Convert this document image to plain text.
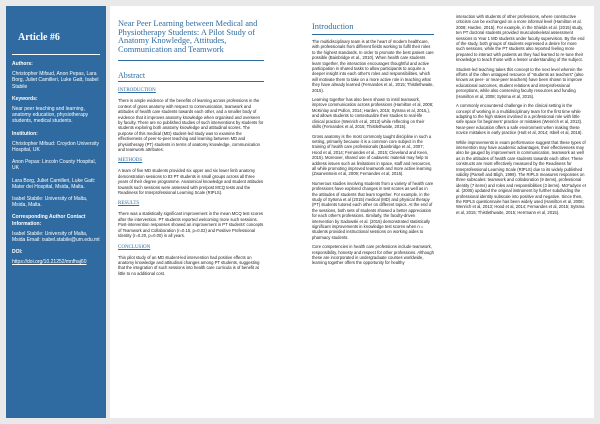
Article #6
Authors:
Christopher Mifsud, Anon Pepas, Lara Borg, Juliet Camilleri, Luke Gatt, Isabel Stabile
Keywords:
Near peer teaching and learning, anatomy education, physiotherapy students, medical students.
Institution:
Christopher Mifsud: Croydon University Hospital, UK
Anon Pepas: Lincoln County Hospital, UK
Lara Borg, Juliet Camilleri, Luke Gatt: Mater dei Hospital, Msida, Malta.
Isabel Stabile: University of Malta, Msida, Malta.
Corresponding Author Contact Information:
Isabel Stabile: University of Malta, Msida Email: isabel.stabile@um.edu.mt
DOI:
https://doi.org/10.21252/mnfhaj60
Near Peer Learning between Medical and Physiotherapy Students: A Pilot Study of Anatomy Knowledge, Attitudes, Communication and Teamwork
Abstract
INTRODUCTION
There is ample evidence of the benefits of learning across professions in the context of gross anatomy with respect to communication, teamwork and attitudes of health care students towards each other, and a smaller body of evidence that it improves anatomy knowledge when organised and overseen by faculty. There are no published studies of such interventions by students for students exploring both anatomy knowledge and attitudinal scores. The purpose of this medical (MD) student-led study was to examine the effectiveness of peer-to-peer teaching and learning between MD and physiotherapy (PT) students in terms of anatomy knowledge, communication and teamwork attributes.
METHODS
A team of five MD students provided six upper and six lower limb anatomy demonstration sessions to 83 PT students in small groups across all three years of their degree programme. Anatomical knowledge and student attitudes towards such sessions were assessed with pre/post MCQ tests and the Readiness for Interprofessional Learning Scale (RIPLS).
RESULTS
There was a statistically significant improvement in the mean MCQ test scores after the intervention. PT students reported welcoming more such sessions. Post-intervention responses showed an improvement in PT students' concepts of Teamwork and Collaboration (r=0.15, p=0.02) and Positive Professional Identity (r=0.20, p=0.00) in all years.
CONCLUSION
This pilot study of an MD student-led intervention had positive effects on anatomy knowledge and attitudinal changes among PT students, suggesting that the integration of such sessions into health care curricula is of benefit at little to no additional cost.
Introduction
The multidisciplinary team is at the heart of modern healthcare, with professionals from different fields working to fulfil their roles to the highest standards. In order to promote the best patient care possible (Bainbridge et al., 2010). When health care students learn together, the interaction encourages thoughtful and active participation in shared tasks to allow participants to acquire a deeper insight into each other's roles and responsibilities, which will motivate them to take on a more active role in teaching what they have already learned (Fernandes et al., 2015; Thistlethwaite, 2015).
Learning together has also been shown to instil teamwork, improve communication across professions (Hamilton et al, 2008; McKinlay and Pullon, 2014; Harden, 2015; Sytsma et al, 2015,), and allows students to contextualize their studies to real-life clinical practice (Wenrich et al, 2013) while reflecting on their skills (Fernandes et al, 2015; Thistlethwaite, 2015).
Gross anatomy is the most commonly taught discipline in such a setting, primarily because it is a common core subject in the training of health care professionals (Bainbridge et al., 2007; Hood et al, 2014; Fernandes et al., 2015; Cleveland and Keen, 2015). Moreover, shared use of cadaveric material may help to address issues such as limitations in space, staff and resources, all while promoting improved teamwork and more active learning (Zwanenstein et al, 2009; Fernandes et al, 2015).
Numerous studies involving students from a variety of health care professions have explored changes in test scores as well as in the attitudes of students that learn together. For example, in the study of Sytsma et al (2015) medical (MD) and physical therapy (PT) students tutored each other on different topics. At the end of the sessions, both sets of students showed a better appreciation for each other's professions. Similarly, the faculty-driven intervention by Sadowski et al. (2015) demonstrated statistically significant improvements in knowledge test scores when n = students provided instructional sessions on working aides to pharmacy students.
Core competencies in health care professions include teamwork, responsibility, honesty and respect for other professions. Although these are incorporated in undergraduate courses worldwide, learning together offers the opportunity for healthy
interaction with students of other professions, where constructive criticism can be exchanged on a more informal level (Hamilton et al. 2008; Harden, 2015). For example, in the Shields et al. (2015) study, ten PT doctoral students provided musculoskeletal assessment sessions to Year 1 MD students under faculty supervision. By the end of the study, both groups of students expressed a desire for more such sessions, while the PT students also reported feeling more prepared to interact with patients as they had learned to re-tune their knowledge to teach those with a lesser understanding of the subject.
Student-led teaching takes this concept to the next level wherein the efforts of the often untapped resource of "students as teachers" (also known as peer- or near-peer teachers) have been shown to improve educational outcomes, student relations and interprofessional perceptions, while also conserving faculty resources and funding (Hamilton et al, 2008; Sytsma et al, 2015).
A commonly encountered challenge in the clinical setting is the concept of working in a multidisciplinary team for the first time while adapting to the high stakes involved in a professional role with little safe space for beginners' practice or mistakes (Wenrich et al, 2013). Near-peer education offers a safe environment when making these novice mistakes in early practice (Hutt et al, 2014; Isbell et al, 2016).
While improvements in exam performance suggest that these types of intervention may have academic advantages, their effectiveness may also be gauged by improvement in communication, teamwork as well as in the attitudes of health care students towards each other. These constructs are most effectively measured by the Readiness for Interprofessional Learning Scale (RIPLS) due to its widely published validity (Parsell and Bligh, 1999). The RIPLS measures responses on three subscales: teamwork and collaboration (9 items), professional identity (7 items) and roles and responsibilities (3 items). McFadyen et al. (2005) updated the original instrument by further subdividing the professional identity subscale into positive and negative. Since then, the RIPLS questionnaire has been widely used (Hamilton et al, 2008; Wenrich et al, 2013; Hood et al, 2014; Fernandes et al, 2015; Sytsma et al, 2015; Thistlethwaite, 2015; Herrmann et al, 2015).
